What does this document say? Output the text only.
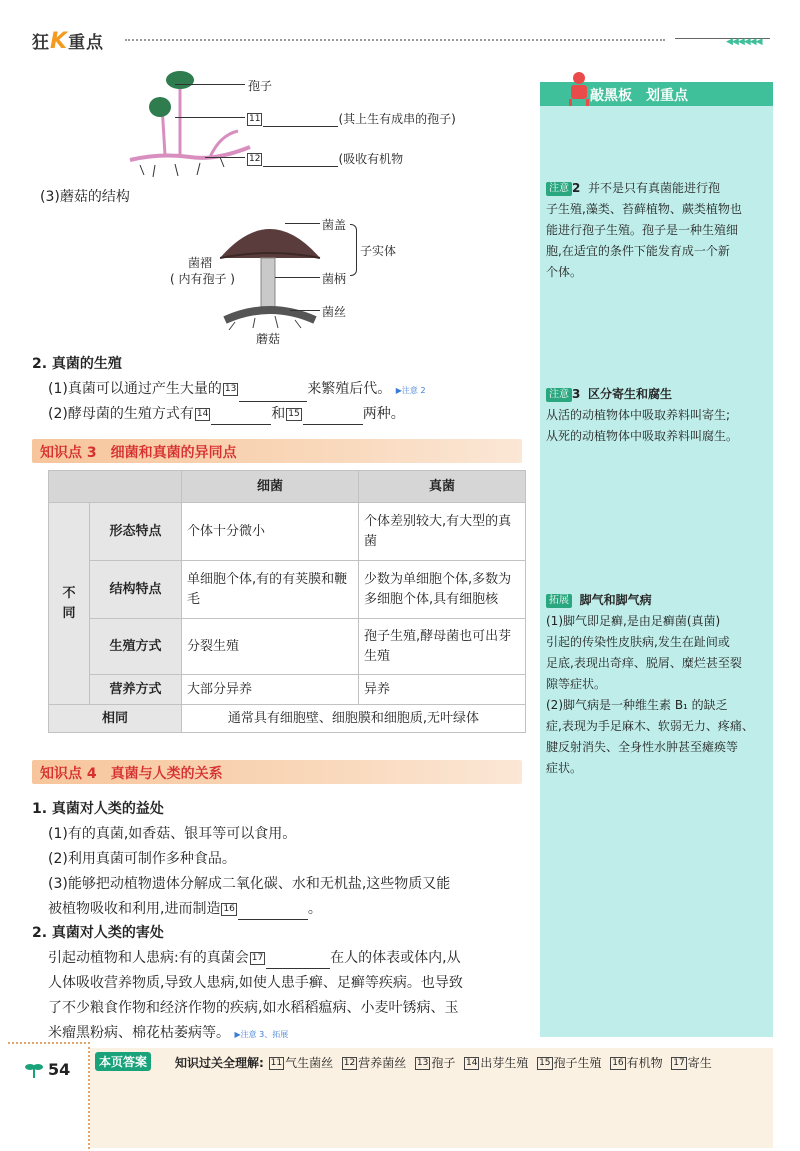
狂K重点	◀◀◀◀◀◀
孢子
11	(其上生有成串的孢子)
12	(吸收有机物
(3)蘑菇的结构
菌盖
子实体
菌褶
( 内有孢子 )	菌柄
菌丝
蘑菇
2. 真菌的生殖
(1)真菌可以通过产生大量的 13	来繁殖后代。 ▶注意 2
(2)酵母菌的生殖方式有 14	和 15	两种。
知识点 3　细菌和真菌的异同点
		细菌	真菌
不同	形态特点	个体十分微小	个体差别较大,有大型的真菌
	结构特点	单细胞个体,有的有荚膜和鞭毛	少数为单细胞个体,多数为多细胞个体,具有细胞核
	生殖方式	分裂生殖	孢子生殖,酵母菌也可出芽生殖
	营养方式	大部分异养	异养
相同		通常具有细胞壁、细胞膜和细胞质,无叶绿体	
知识点 4　真菌与人类的关系
1. 真菌对人类的益处
(1)有的真菌,如香菇、银耳等可以食用。
(2)利用真菌可制作多种食品。
(3)能够把动植物遗体分解成二氧化碳、水和无机盐,这些物质又能
被植物吸收和利用,进而制造 16	。
2. 真菌对人类的害处
引起动植物和人患病:有的真菌会 17	在人的体表或体内,从
人体吸收营养物质,导致人患病,如使人患手癣、足癣等疾病。也导致
了不少粮食作物和经济作物的疾病,如水稻稻瘟病、小麦叶锈病、玉
米瘤黑粉病、棉花枯萎病等。 ▶注意 3、拓展
敲黑板　划重点
注意 2 并不是只有真菌能进行孢
子生殖,藻类、苔藓植物、蕨类植物也
能进行孢子生殖。孢子是一种生殖细
胞,在适宜的条件下能发育成一个新
个体。
注意 3 区分寄生和腐生
从活的动植物体中吸取养料叫寄生;
从死的动植物体中吸取养料叫腐生。
拓展 脚气和脚气病
(1)脚气即足癣,是由足癣菌(真菌)
引起的传染性皮肤病,发生在趾间或
足底,表现出奇痒、脱屑、糜烂甚至裂
隙等症状。
(2)脚气病是一种维生素 B₁ 的缺乏
症,表现为手足麻木、软弱无力、疼痛、
腱反射消失、全身性水肿甚至瘫痪等
症状。
本页答案	知识过关全理解: 11 气生菌丝 12 营养菌丝 13 孢子 14 出芽生殖 15 孢子生殖 16 有机物 17 寄生
54
